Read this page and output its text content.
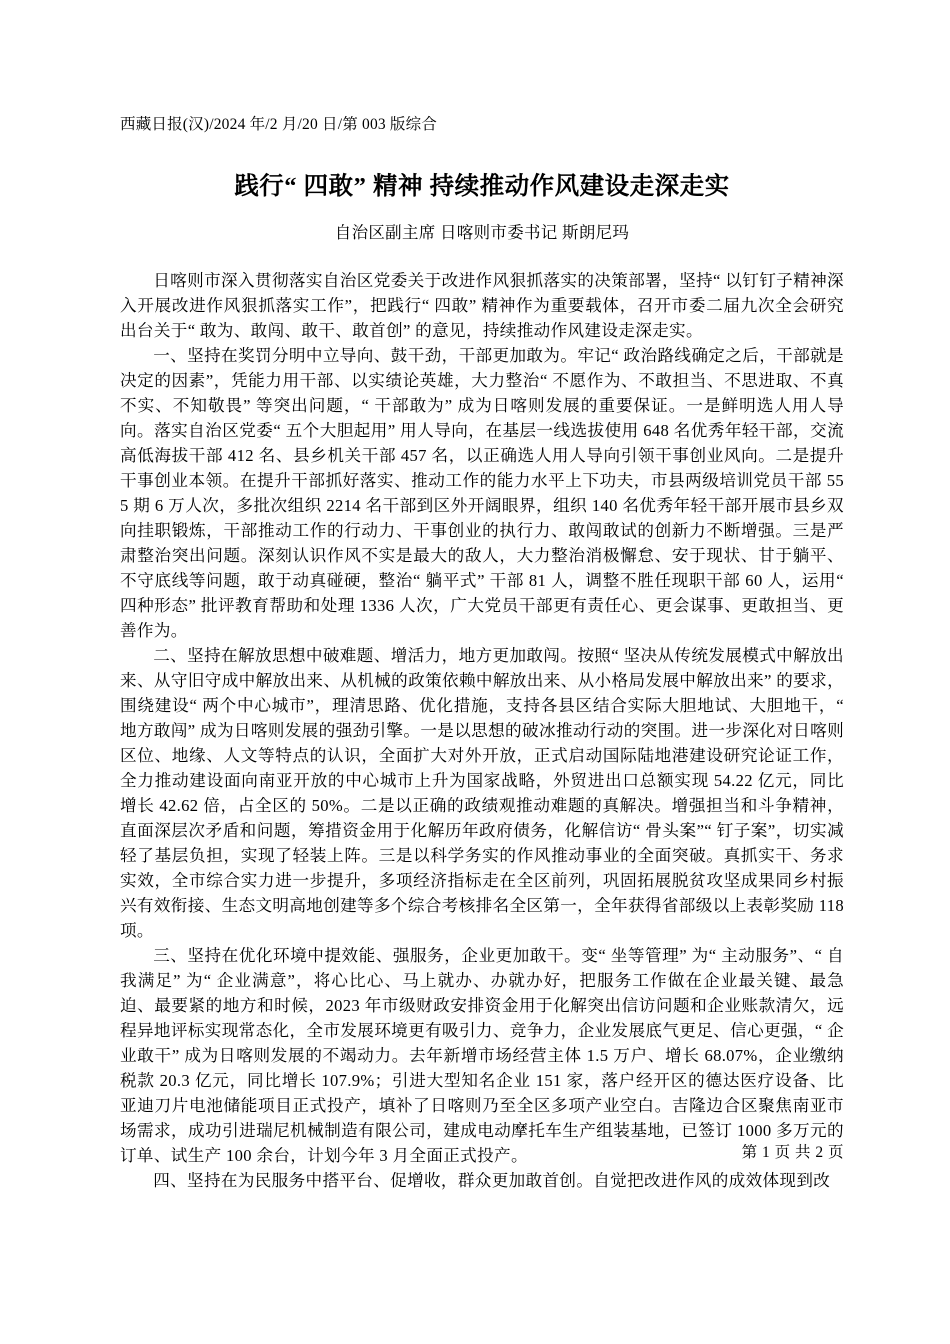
西藏日报(汉)/2024 年/2 月/20 日/第 003 版综合
践行“ 四敢” 精神 持续推动作风建设走深走实
自治区副主席 日喀则市委书记 斯朗尼玛

日喀则市深入贯彻落实自治区党委关于改进作风狠抓落实的决策部署，坚持“ 以钉钉子精神深入开展改进作风狠抓落实工作”，把践行“ 四敢” 精神作为重要载体，召开市委二届九次全会研究出台关于“ 敢为、敢闯、敢干、敢首创” 的意见，持续推动作风建设走深走实。

一、坚持在奖罚分明中立导向、鼓干劲，干部更加敢为。牢记“ 政治路线确定之后，干部就是决定的因素”，凭能力用干部、以实绩论英雄，大力整治“ 不愿作为、不敢担当、不思进取、不真不实、不知敬畏” 等突出问题，“ 干部敢为” 成为日喀则发展的重要保证。一是鲜明选人用人导向。落实自治区党委“ 五个大胆起用” 用人导向，在基层一线选拔使用 648 名优秀年轻干部，交流高低海拔干部 412 名、县乡机关干部 457 名，以正确选人用人导向引领干事创业风向。二是提升干事创业本领。在提升干部抓好落实、推动工作的能力水平上下功夫，市县两级培训党员干部 555 期 6 万人次，多批次组织 2214 名干部到区外开阔眼界，组织 140 名优秀年轻干部开展市县乡双向挂职锻炼，干部推动工作的行动力、干事创业的执行力、敢闯敢试的创新力不断增强。三是严肃整治突出问题。深刻认识作风不实是最大的敌人，大力整治消极懈怠、安于现状、甘于躺平、不守底线等问题，敢于动真碰硬，整治“ 躺平式” 干部 81 人，调整不胜任现职干部 60 人，运用“ 四种形态” 批评教育帮助和处理 1336 人次，广大党员干部更有责任心、更会谋事、更敢担当、更善作为。

二、坚持在解放思想中破难题、增活力，地方更加敢闯。按照“ 坚决从传统发展模式中解放出来、从守旧守成中解放出来、从机械的政策依赖中解放出来、从小格局发展中解放出来” 的要求，围绕建设“ 两个中心城市”，理清思路、优化措施，支持各县区结合实际大胆地试、大胆地干，“ 地方敢闯” 成为日喀则发展的强劲引擎。一是以思想的破冰推动行动的突围。进一步深化对日喀则区位、地缘、人文等特点的认识，全面扩大对外开放，正式启动国际陆地港建设研究论证工作，全力推动建设面向南亚开放的中心城市上升为国家战略，外贸进出口总额实现 54.22 亿元，同比增长 42.62 倍，占全区的 50%。二是以正确的政绩观推动难题的真解决。增强担当和斗争精神，直面深层次矛盾和问题，筹措资金用于化解历年政府债务，化解信访“ 骨头案”“ 钉子案”，切实减轻了基层负担，实现了轻装上阵。三是以科学务实的作风推动事业的全面突破。真抓实干、务求实效，全市综合实力进一步提升，多项经济指标走在全区前列，巩固拓展脱贫攻坚成果同乡村振兴有效衔接、生态文明高地创建等多个综合考核排名全区第一，全年获得省部级以上表彰奖励 118 项。

三、坚持在优化环境中提效能、强服务，企业更加敢干。变“ 坐等管理” 为“ 主动服务”、“ 自我满足” 为“ 企业满意”，将心比心、马上就办、办就办好，把服务工作做在企业最关键、最急迫、最要紧的地方和时候，2023 年市级财政安排资金用于化解突出信访问题和企业账款清欠，远程异地评标实现常态化，全市发展环境更有吸引力、竞争力，企业发展底气更足、信心更强，“ 企业敢干” 成为日喀则发展的不竭动力。去年新增市场经营主体 1.5 万户、增长 68.07%，企业缴纳税款 20.3 亿元，同比增长 107.9%；引进大型知名企业 151 家，落户经开区的德达医疗设备、比亚迪刀片电池储能项目正式投产，填补了日喀则乃至全区多项产业空白。吉隆边合区聚焦南亚市场需求，成功引进瑞尼机械制造有限公司，建成电动摩托车生产组装基地，已签订 1000 多万元的订单、试生产 100 余台，计划今年 3 月全面正式投产。

四、坚持在为民服务中搭平台、促增收，群众更加敢首创。自觉把改进作风的成效体现到改

第 1 页 共 2 页
